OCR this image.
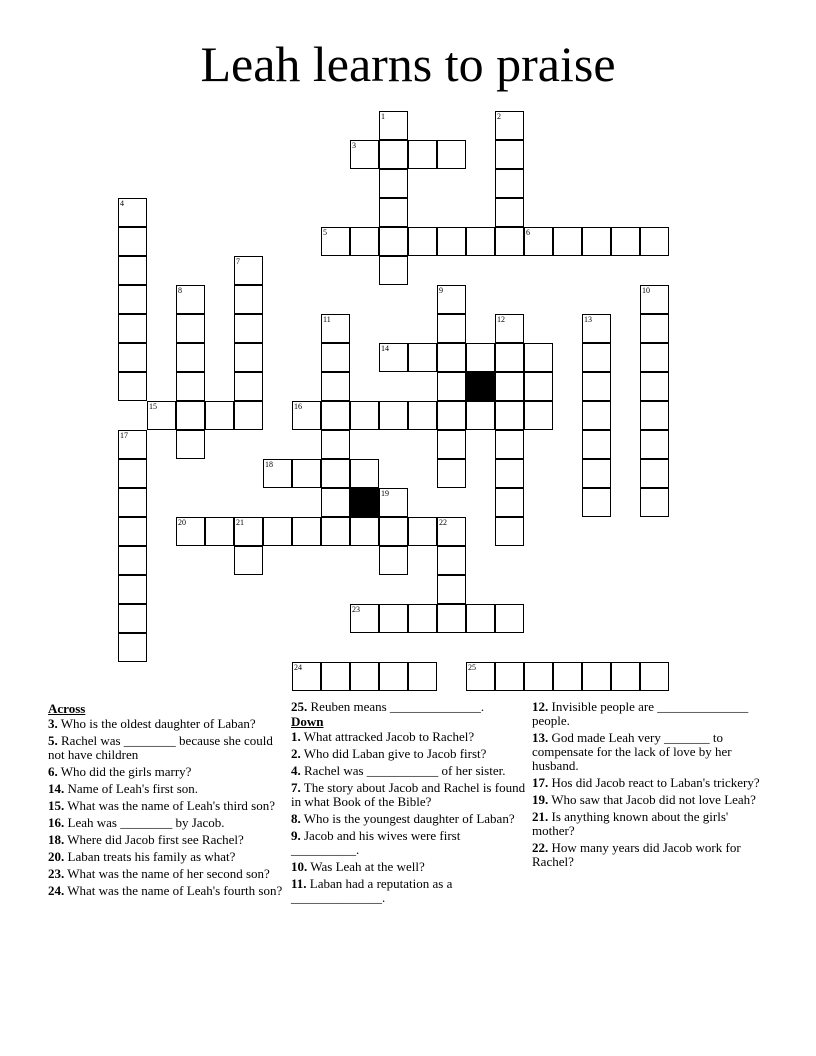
Leah learns to praise
1	2
3
4
5	6
7
8	9	10
11	12	13
14
15	16
17
18
19
20	21	22
23
24	25
Across
3. Who is the oldest daughter of Laban?
5. Rachel was ________ because she could not have children
6. Who did the girls marry?
14. Name of Leah's first son.
15. What was the name of Leah's third son?
16. Leah was ________ by Jacob.
18. Where did Jacob first see Rachel?
20. Laban treats his family as what?
23. What was the name of her second son?
24. What was the name of Leah's fourth son?
25. Reuben means ______________.
Down
1. What attracked Jacob to Rachel?
2. Who did Laban give to Jacob first?
4. Rachel was ___________ of her sister.
7. The story about Jacob and Rachel is found in what Book of the Bible?
8. Who is the youngest daughter of Laban?
9. Jacob and his wives were first __________.
10. Was Leah at the well?
11. Laban had a reputation as a ______________.
12. Invisible people are ______________ people.
13. God made Leah very _______ to compensate for the lack of love by her husband.
17. Hos did Jacob react to Laban's trickery?
19. Who saw that Jacob did not love Leah?
21. Is anything known about the girls' mother?
22. How many years did Jacob work for Rachel?
